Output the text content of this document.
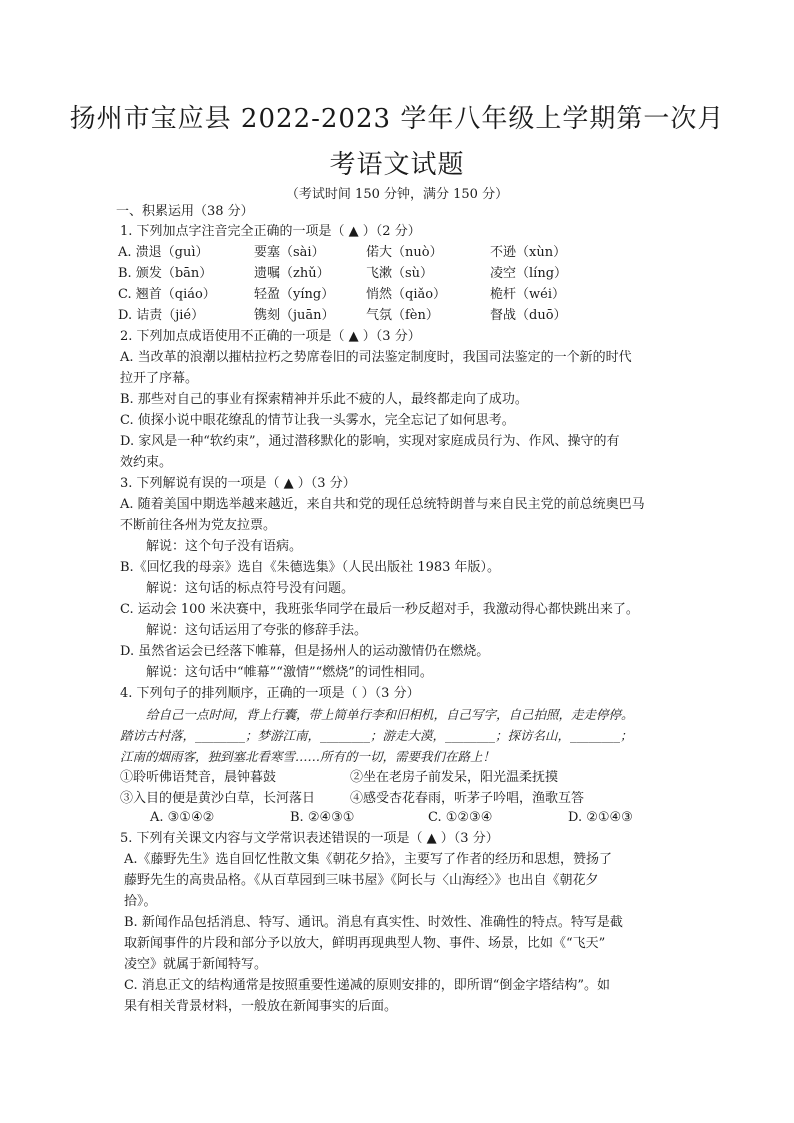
扬州市宝应县 2022-2023 学年八年级上学期第一次月
考语文试题
（考试时间 150 分钟，满分 150 分）
一、积累运用（38 分）
1. 下列加点字注音完全正确的一项是（ ▲ ）（2 分）
A. 溃退（guì）	要塞（sài）	偌大（nuò）	不逊（xùn）
B. 颁发（bān）	遗嘱（zhǔ）	飞漱（sù）	凌空（líng）
C. 翘首（qiáo）	轻盈（yíng） 悄然（qiǎo）	桅杆（wéi）
D. 诘责（jié）	镌刻（juān） 气氛（fèn）	督战（duō）
2. 下列加点成语使用不正确的一项是（ ▲ ）（3 分）
A. 当改革的浪潮以摧枯拉朽之势席卷旧的司法鉴定制度时，我国司法鉴定的一个新的时代
拉开了序幕。
B. 那些对自己的事业有探索精神并乐此不疲的人，最终都走向了成功。
C. 侦探小说中眼花缭乱的情节让我一头雾水，完全忘记了如何思考。
D. 家风是一种“软约束”，通过潜移默化的影响，实现对家庭成员行为、作风、操守的有
效约束。
3. 下列解说有误的一项是（ ▲ ）（3 分）
A. 随着美国中期选举越来越近，来自共和党的现任总统特朗普与来自民主党的前总统奥巴马
不断前往各州为党友拉票。
解说：这个句子没有语病。
B.《回忆我的母亲》选自《朱德选集》（人民出版社 1983 年版）。
解说：这句话的标点符号没有问题。
C. 运动会 100 米决赛中，我班张华同学在最后一秒反超对手，我激动得心都快跳出来了。
解说：这句话运用了夸张的修辞手法。
D. 虽然省运会已经落下帷幕，但是扬州人的运动激情仍在燃烧。
解说：这句话中“帷幕”“激情”“燃烧”的词性相同。
4. 下列句子的排列顺序，正确的一项是（ ）（3 分）
给自己一点时间，背上行囊，带上简单行李和旧相机，自己写字，自己拍照，走走停停。
踏访古村落，________；梦游江南，________；游走大漠，________；探访名山，________；
江南的烟雨客，独到塞北看寒雪……所有的一切，需要我们在路上！
①聆听佛语梵音，晨钟暮鼓	②坐在老房子前发呆，阳光温柔抚摸
③入目的便是黄沙白草，长河落日	④感受杏花春雨，听茅子吟唱，渔歌互答
A. ③①④②	B. ②④③①	C. ①②③④	D. ②①④③
5. 下列有关课文内容与文学常识表述错误的一项是（ ▲ ）（3 分）
A.《藤野先生》选自回忆性散文集《朝花夕拾》，主要写了作者的经历和思想，赞扬了
藤野先生的高贵品格。《从百草园到三味书屋》《阿长与〈山海经〉》也出自《朝花夕
拾》。
B. 新闻作品包括消息、特写、通讯。消息有真实性、时效性、准确性的特点。特写是截
取新闻事件的片段和部分予以放大，鲜明再现典型人物、事件、场景，比如《“飞天”
凌空》就属于新闻特写。
C. 消息正文的结构通常是按照重要性递减的原则安排的，即所谓“倒金字塔结构”。如
果有相关背景材料，一般放在新闻事实的后面。
